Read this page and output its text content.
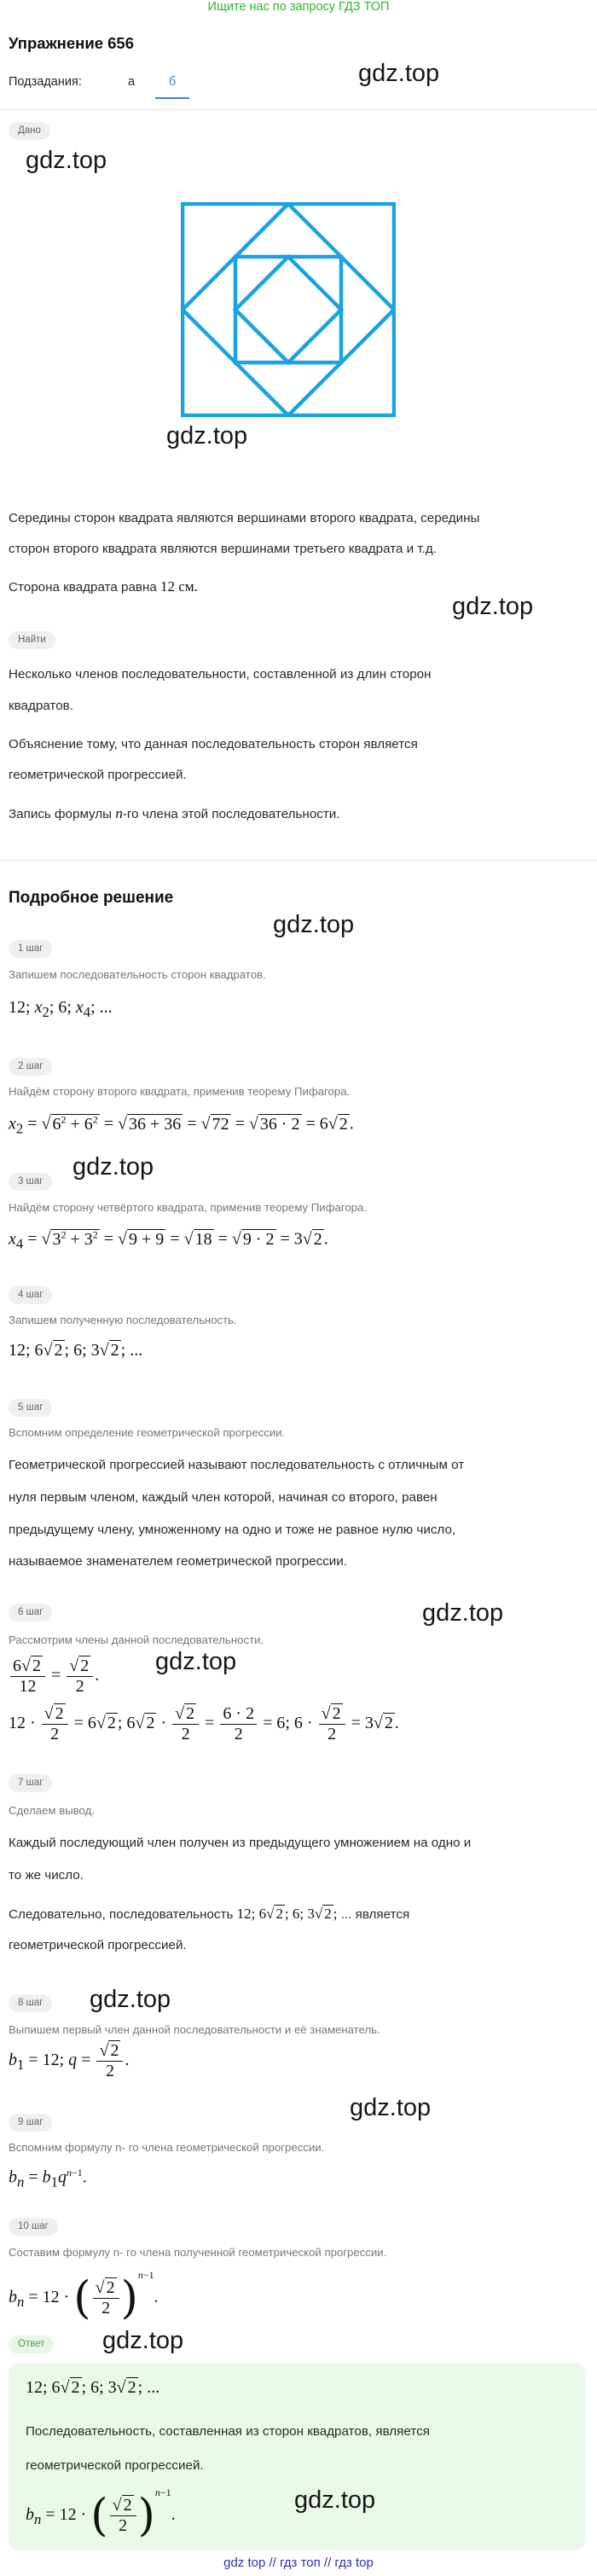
Ищите нас по запросу ГДЗ ТОП
Упражнение 656
Подзадания:	а	б	gdz.top
Дано
gdz.top
gdz.top
Середины сторон квадрата являются вершинами второго квадрата, середины
сторон второго квадрата являются вершинами третьего квадрата и т.д.
Сторона квадрата равна 12 см.
gdz.top
Найти
Несколько членов последовательности, составленной из длин сторон
квадратов.
Объяснение тому, что данная последовательность сторон является
геометрической прогрессией.
Запись формулы n-го члена этой последовательности.
Подробное решение
gdz.top
1 шаг
Запишем последовательность сторон квадратов.
12; $x_2$; 6; $x_4$; ...
2 шаг
Найдём сторону второго квадрата, применив теорему Пифагора.
$x_2$ = √ $6^2 + 6^2$ = √ 36 + 36 = √ 72 = √ 36 · 2 = 6√ 2 .
gdz.top
3 шаг
Найдём сторону четвёртого квадрата, применив теорему Пифагора.
$x_4$ = √ $3^2 + 3^2$ = √ 9 + 9 = √ 18 = √ 9 · 2 = 3√ 2 .
4 шаг
Запишем полученную последовательность.
12; 6√ 2 ; 6; 3√ 2 ; ...
5 шаг
Вспомним определение геометрической прогрессии.
Геометрической прогрессией называют последовательность с отличным от
нуля первым членом, каждый член которой, начиная со второго, равен
предыдущему члену, умноженному на одно и тоже не равное нулю число,
называемое знаменателем геометрической прогрессии.
6 шаг	gdz.top
Рассмотрим члены данной последовательности.
$\frac{6√ 2}{12} = \frac{√ 2}{2}$ .
gdz.top
$12 \cdot \frac{√ 2}{2} = 6√$ 2 ; 6√ $2 \cdot \frac{√ 2}{2} = \frac{6 \cdot 2}{2} = 6$; $6 \cdot \frac{√ 2}{2} = 3√$ 2 .
7 шаг
Сделаем вывод.
Каждый последующий член получен из предыдущего умножением на одно и
то же число.
Следовательно, последовательность 12; 6√ 2 ; 6; 3√ 2 ; ... является
геометрической прогрессией.
8 шаг	gdz.top
Выпишем первый член данной последовательности и её знаменатель.
$b_1 = 12$; $q = \frac{√ 2}{2}$ .
gdz.top
9 шаг
Вспомним формулу n- го члена геометрической прогрессии.
$b_n = b_1q^{n-1}$.
10 шаг
Составим формулу n- го члена полученной геометрической прогрессии.
$b_n = 12$ · ( $\frac{√ 2}{2} )^{n-1}$.
Ответ	gdz.top
12; 6√ 2 ; 6; 3√ 2 ; ...
Последовательность, составленная из сторон квадратов, является
геометрической прогрессией.
$b_n = 12$ · ( $\frac{√ 2}{2} )^{n-1}$.
gdz.top
gdz top // гдз топ // гдз top
